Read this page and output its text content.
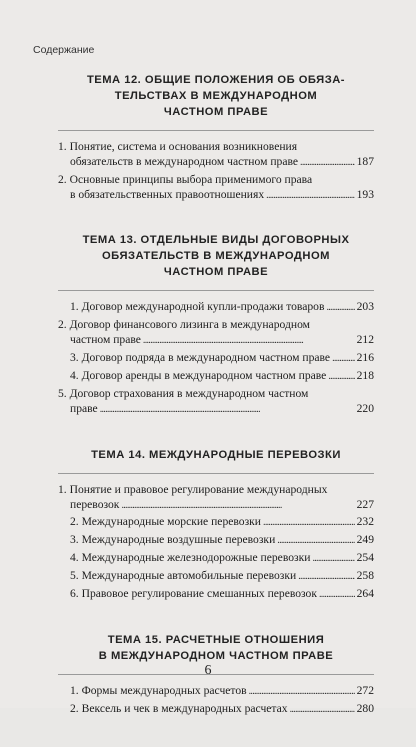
Содержание
ТЕМА 12. ОБЩИЕ ПОЛОЖЕНИЯ ОБ ОБЯЗА-
ТЕЛЬСТВАХ В МЕЖДУНАРОДНОМ
ЧАСТНОМ ПРАВЕ
1. Понятие, система и основания возникновения
обязательств в международном частном праве . . .	187
2. Основные принципы выбора применимого права
в обязательственных правоотношениях . . .	193
ТЕМА 13. ОТДЕЛЬНЫЕ ВИДЫ ДОГОВОРНЫХ
ОБЯЗАТЕЛЬСТВ В МЕЖДУНАРОДНОМ
ЧАСТНОМ ПРАВЕ
1. Договор международной купли-продажи товаров . . .	203
2. Договор финансового лизинга в международном
частном праве . . .	212
3. Договор подряда в международном частном праве . . . 216
4. Договор аренды в международном частном праве . . .	218
5. Договор страхования в международном частном
праве . . .	220
ТЕМА 14. МЕЖДУНАРОДНЫЕ ПЕРЕВОЗКИ
1. Понятие и правовое регулирование международных
перевозок . . .	227
2. Международные морские перевозки . . .	232
3. Международные воздушные перевозки . . .	249
4. Международные железнодорожные перевозки . . .	254
5. Международные автомобильные перевозки . . .	258
6. Правовое регулирование смешанных перевозок . . .	264
ТЕМА 15. РАСЧЕТНЫЕ ОТНОШЕНИЯ
В МЕЖДУНАРОДНОМ ЧАСТНОМ ПРАВЕ
1. Формы международных расчетов . . .	272
2. Вексель и чек в международных расчетах . . .	280
6
